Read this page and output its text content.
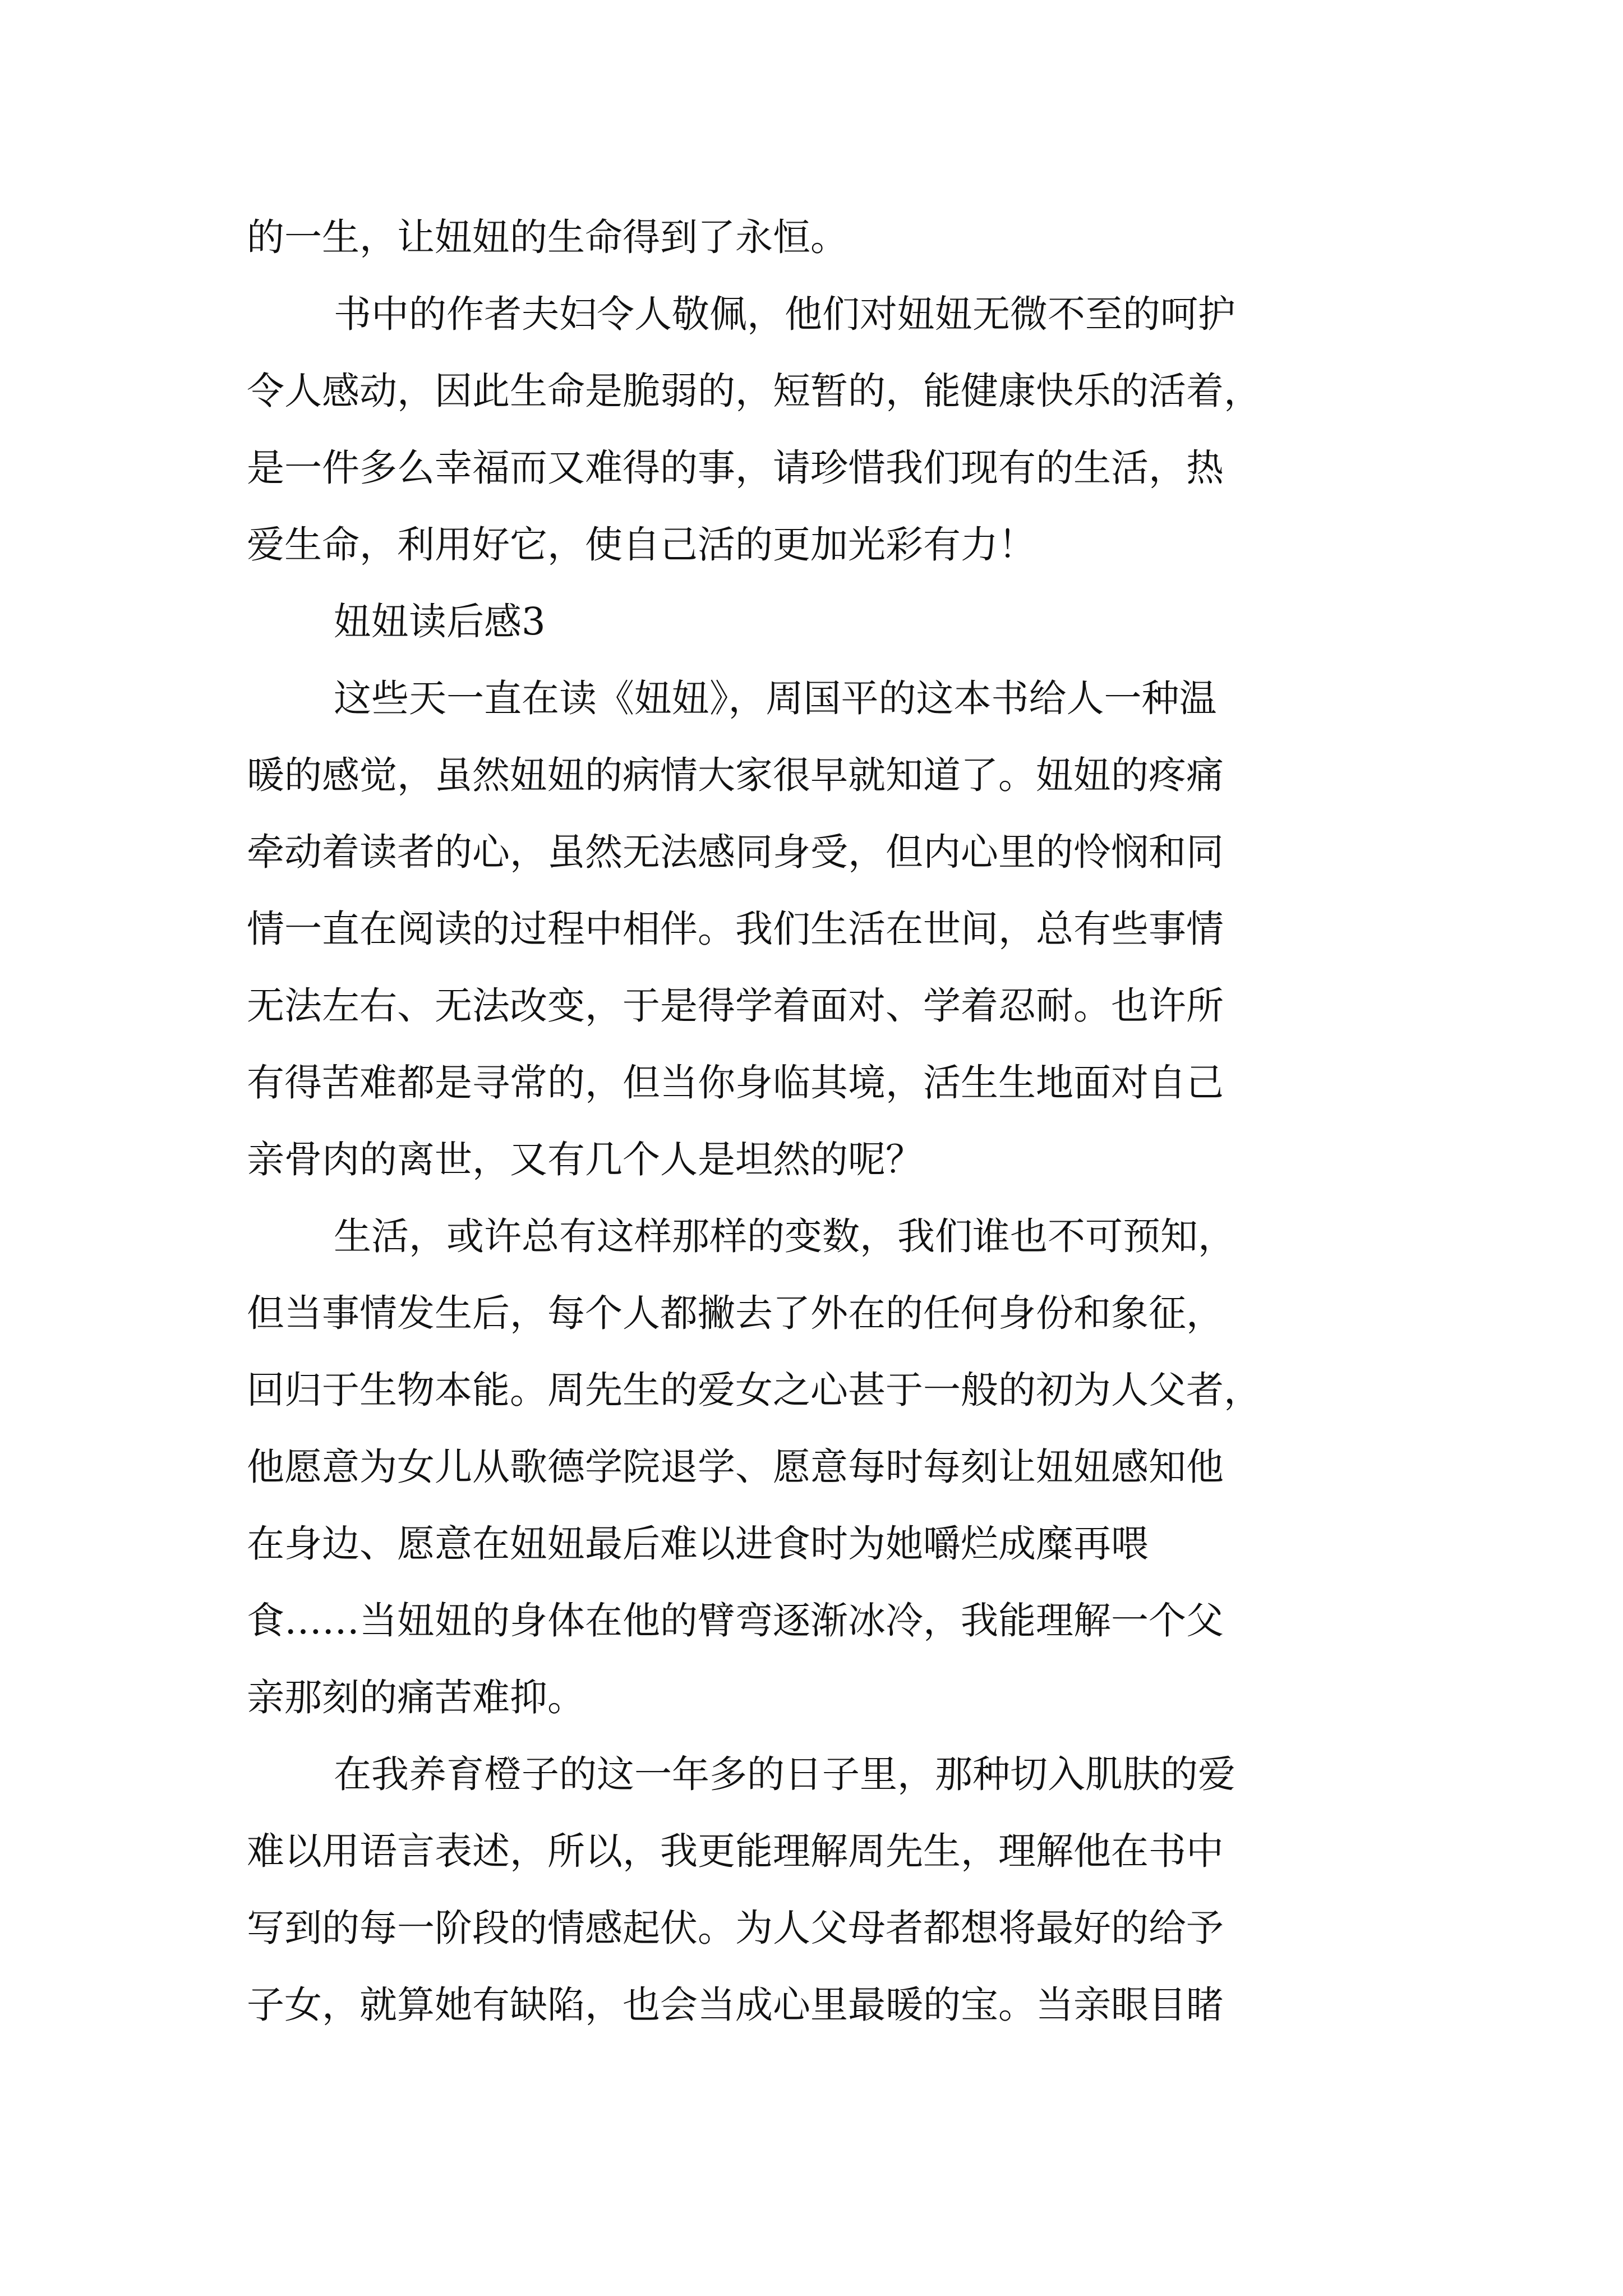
的一生，让妞妞的生命得到了永恒。
书中的作者夫妇令人敬佩，他们对妞妞无微不至的呵护
令人感动，因此生命是脆弱的，短暂的，能健康快乐的活着，
是一件多么幸福而又难得的事，请珍惜我们现有的生活，热
爱生命，利用好它，使自己活的更加光彩有力！
妞妞读后感3
这些天一直在读《妞妞》，周国平的这本书给人一种温
暖的感觉，虽然妞妞的病情大家很早就知道了。妞妞的疼痛
牵动着读者的心，虽然无法感同身受，但内心里的怜悯和同
情一直在阅读的过程中相伴。我们生活在世间，总有些事情
无法左右、无法改变，于是得学着面对、学着忍耐。也许所
有得苦难都是寻常的，但当你身临其境，活生生地面对自己
亲骨肉的离世，又有几个人是坦然的呢？
生活，或许总有这样那样的变数，我们谁也不可预知，
但当事情发生后，每个人都撇去了外在的任何身份和象征，
回归于生物本能。周先生的爱女之心甚于一般的初为人父者，
他愿意为女儿从歌德学院退学、愿意每时每刻让妞妞感知他
在身边、愿意在妞妞最后难以进食时为她嚼烂成糜再喂
食……当妞妞的身体在他的臂弯逐渐冰冷，我能理解一个父
亲那刻的痛苦难抑。
在我养育橙子的这一年多的日子里，那种切入肌肤的爱
难以用语言表述，所以，我更能理解周先生，理解他在书中
写到的每一阶段的情感起伏。为人父母者都想将最好的给予
子女，就算她有缺陷，也会当成心里最暖的宝。当亲眼目睹
